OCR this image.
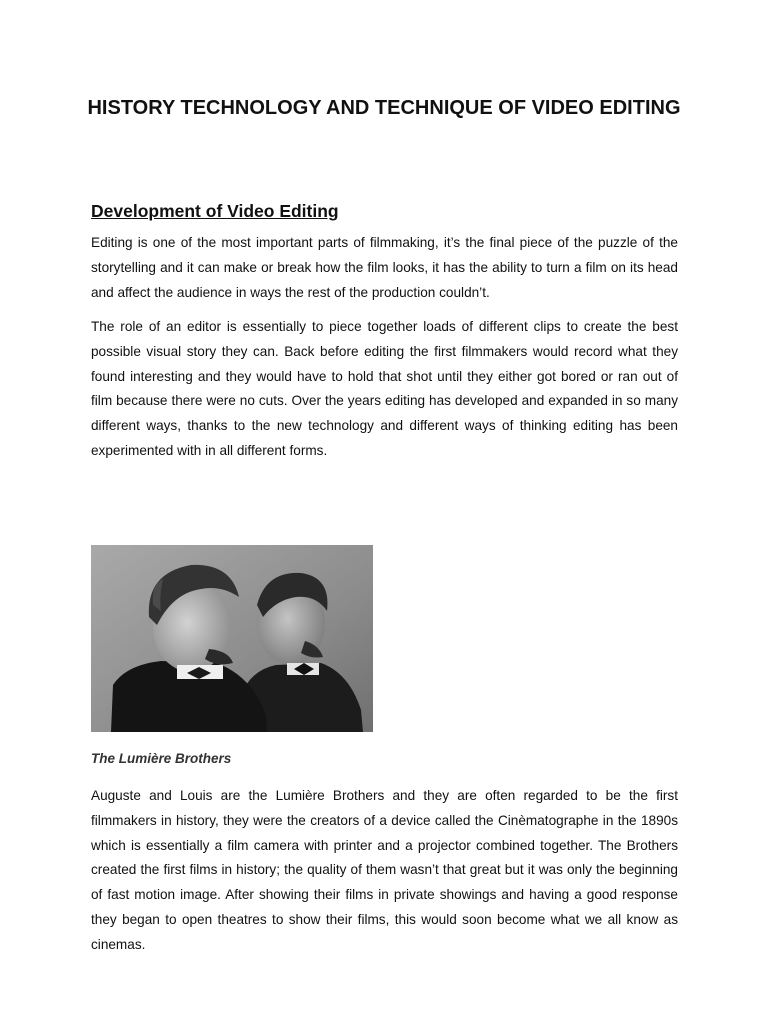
HISTORY TECHNOLOGY AND TECHNIQUE OF VIDEO EDITING
Development of Video Editing

Editing is one of the most important parts of filmmaking, it’s the final piece of the puzzle of the storytelling and it can make or break how the film looks, it has the ability to turn a film on its head and affect the audience in ways the rest of the production couldn’t.

The role of an editor is essentially to piece together loads of different clips to create the best possible visual story they can. Back before editing the first filmmakers would record what they found interesting and they would have to hold that shot until they either got bored or ran out of film because there were no cuts. Over the years editing has developed and expanded in so many different ways, thanks to the new technology and different ways of thinking editing has been experimented with in all different forms.

The Lumière Brothers

Auguste and Louis are the Lumière Brothers and they are often regarded to be the first filmmakers in history, they were the creators of a device called the Cinèmatographe in the 1890s which is essentially a film camera with printer and a projector combined together. The Brothers created the first films in history; the quality of them wasn’t that great but it was only the beginning of fast motion image. After showing their films in private showings and having a good response they began to open theatres to show their films, this would soon become what we all know as cinemas.
